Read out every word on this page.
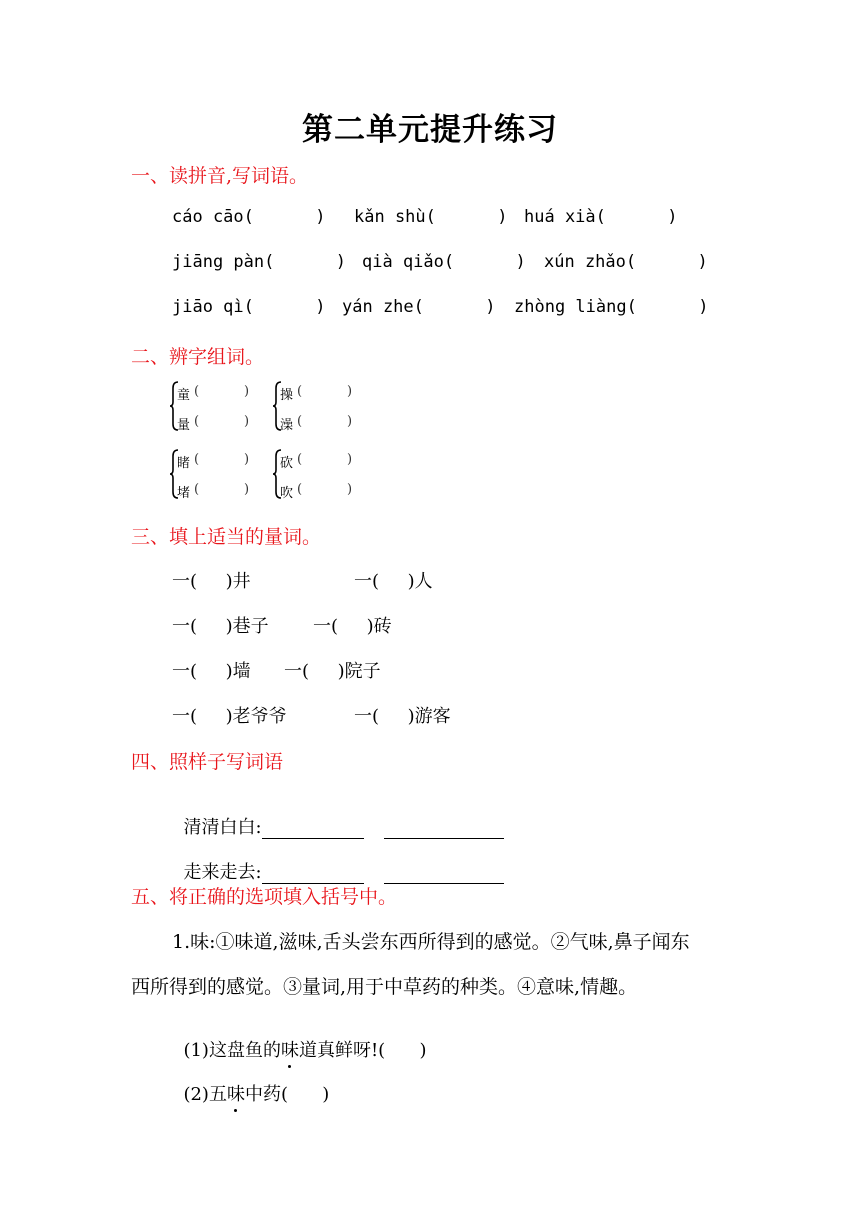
第二单元提升练习
一、读拼音,写词语。
cáo cāo(      ) kǎn shù(      ) huá xià(      )
jiāng pàn(      ) qià qiǎo(      ) xún zhǎo(      )
jiāo qì(      ) yán zhe(      ) zhòng liàng(      )
二、辨字组词。
童 (	)
量 (	)
操 (	)
澡 (	)
睹 (	)
堵 (	)
砍 (	)
吹 (	)
三、填上适当的量词。
一(     )井	一(     )人
一(     )巷子 一(     )砖
一(     )墙 一(     )院子
一(     )老爷爷	一(     )游客
四、照样子写词语

清清白白:

走来走去:

五、将正确的选项填入括号中。
1.味:①味道,滋味,舌头尝东西所得到的感觉。②气味,鼻子闻东
西所得到的感觉。③量词,用于中草药的种类。④意味,情趣。

(1)这盘鱼的味道真鲜呀!(      )

(2)五味中药(      )
